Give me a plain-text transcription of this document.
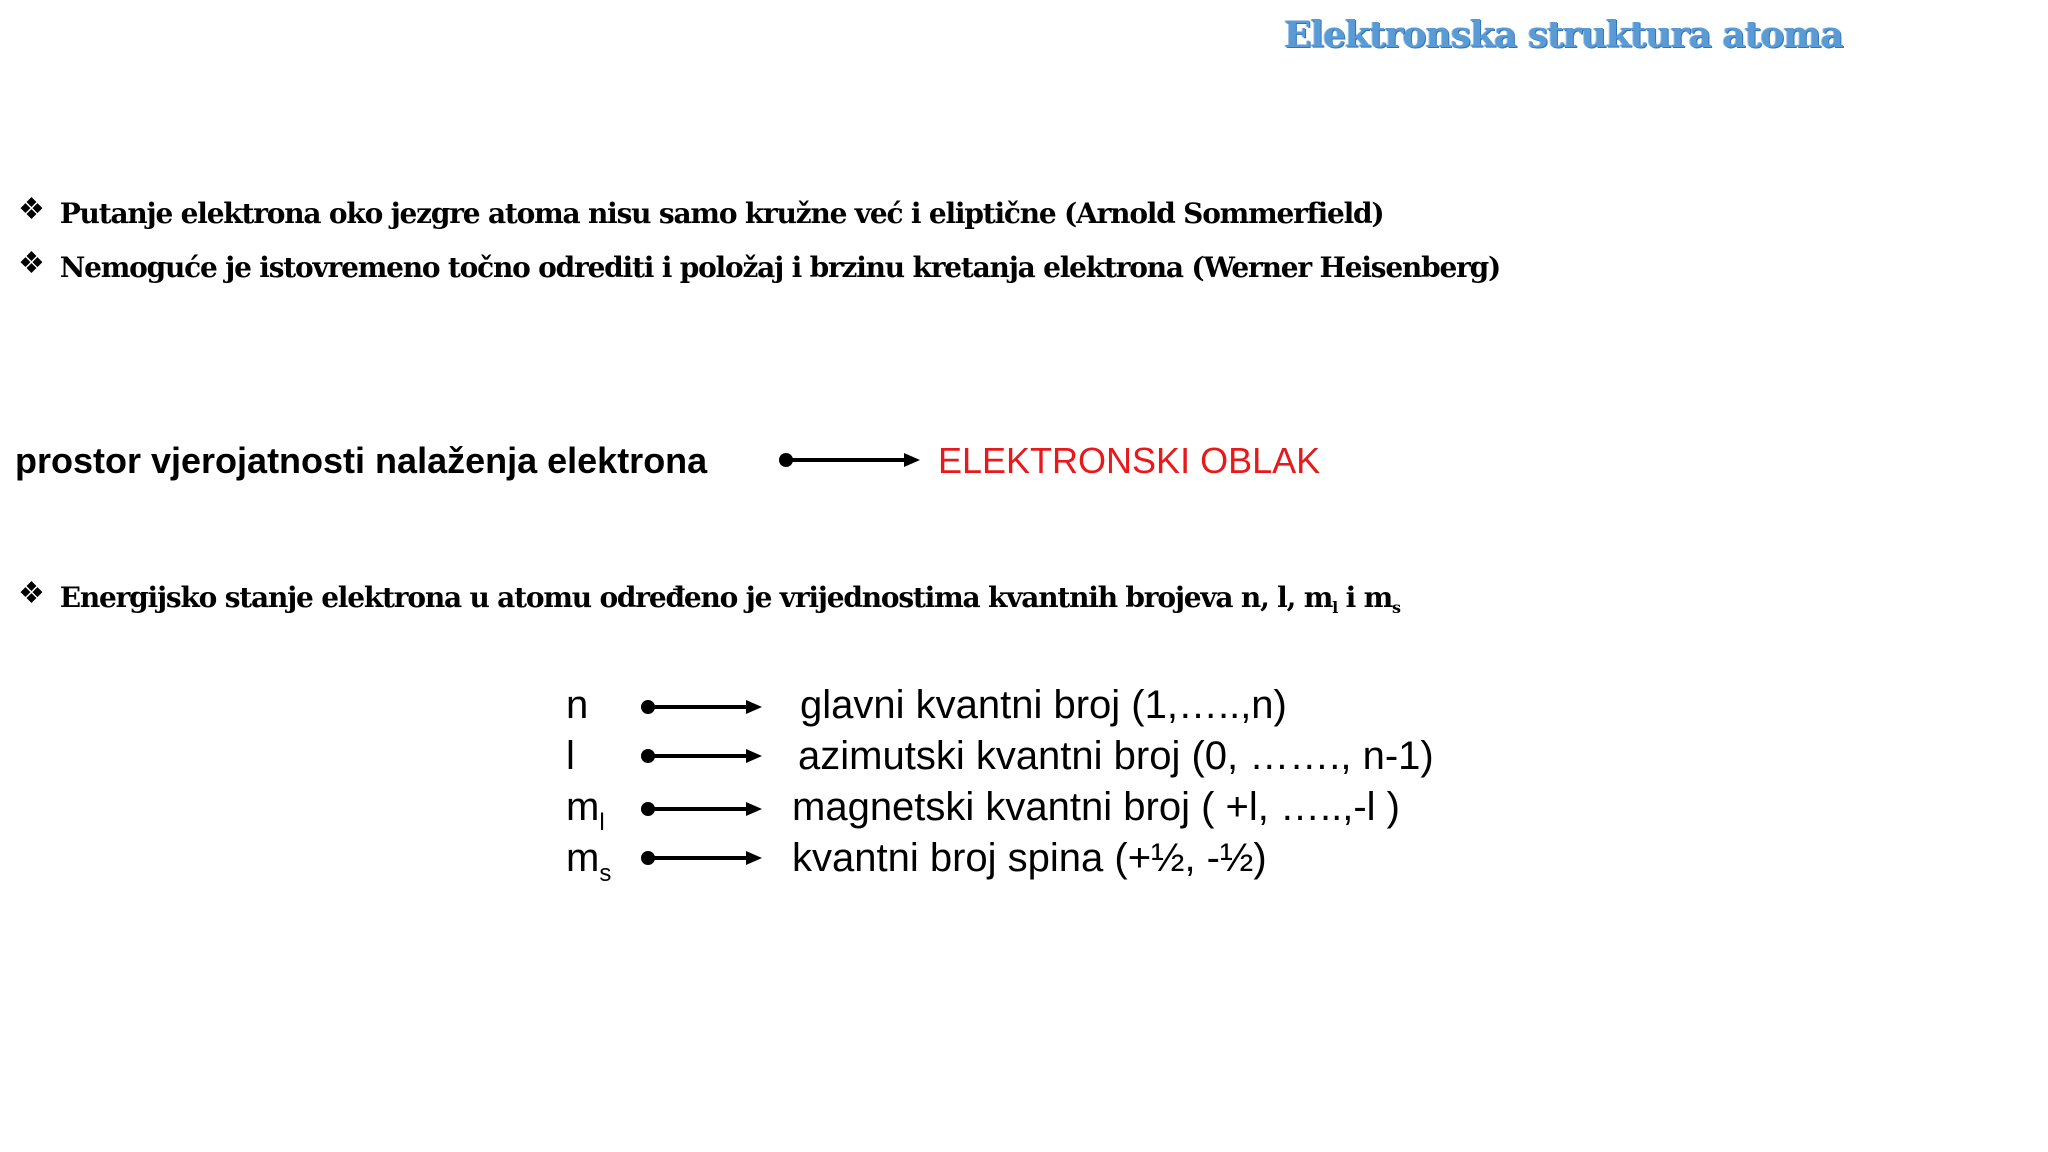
Elektronska struktura atoma
❖ Putanje elektrona oko jezgre atoma nisu samo kružne već i eliptične (Arnold Sommerfield)
❖ Nemoguće je istovremeno točno odrediti i položaj i brzinu kretanja elektrona (Werner Heisenberg)
prostor vjerojatnosti nalaženja elektrona	ELEKTRONSKI OBLAK
❖ Energijsko stanje elektrona u atomu određeno je vrijednostima kvantnih brojeva n, l, $m_l$ i $m_s$
n	glavni kvantni broj (1,…..,n)
l	azimutski kvantni broj (0, ……., n-1)
$m_l$	magnetski kvantni broj ( +l, …..,-l )
$m_s$	kvantni broj spina (+½, -½)
